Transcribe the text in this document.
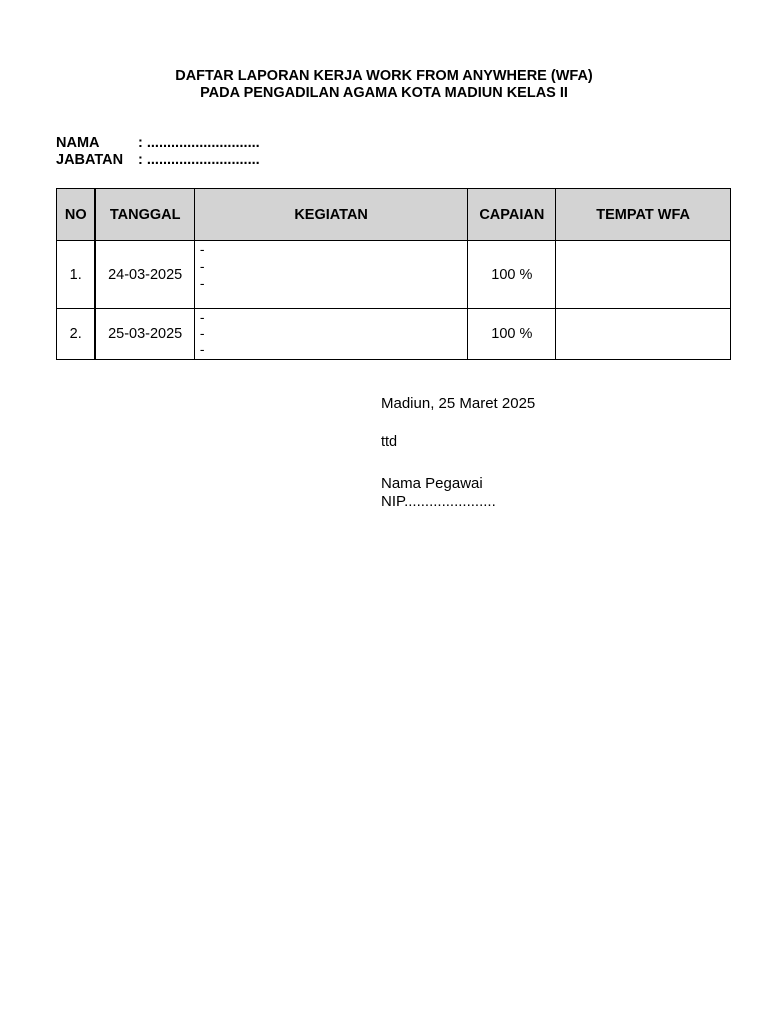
DAFTAR LAPORAN KERJA WORK FROM ANYWHERE (WFA)
PADA PENGADILAN AGAMA KOTA MADIUN KELAS II
NAMA	: ............................
JABATAN	: ............................
NO	TANGGAL	KEGIATAN	CAPAIAN	TEMPAT WFA
1.	24-03-2025	-
-
-	100 %	
2.	25-03-2025	-
-
-	100 %	
Madiun, 25 Maret 2025
ttd
Nama Pegawai
NIP......................
